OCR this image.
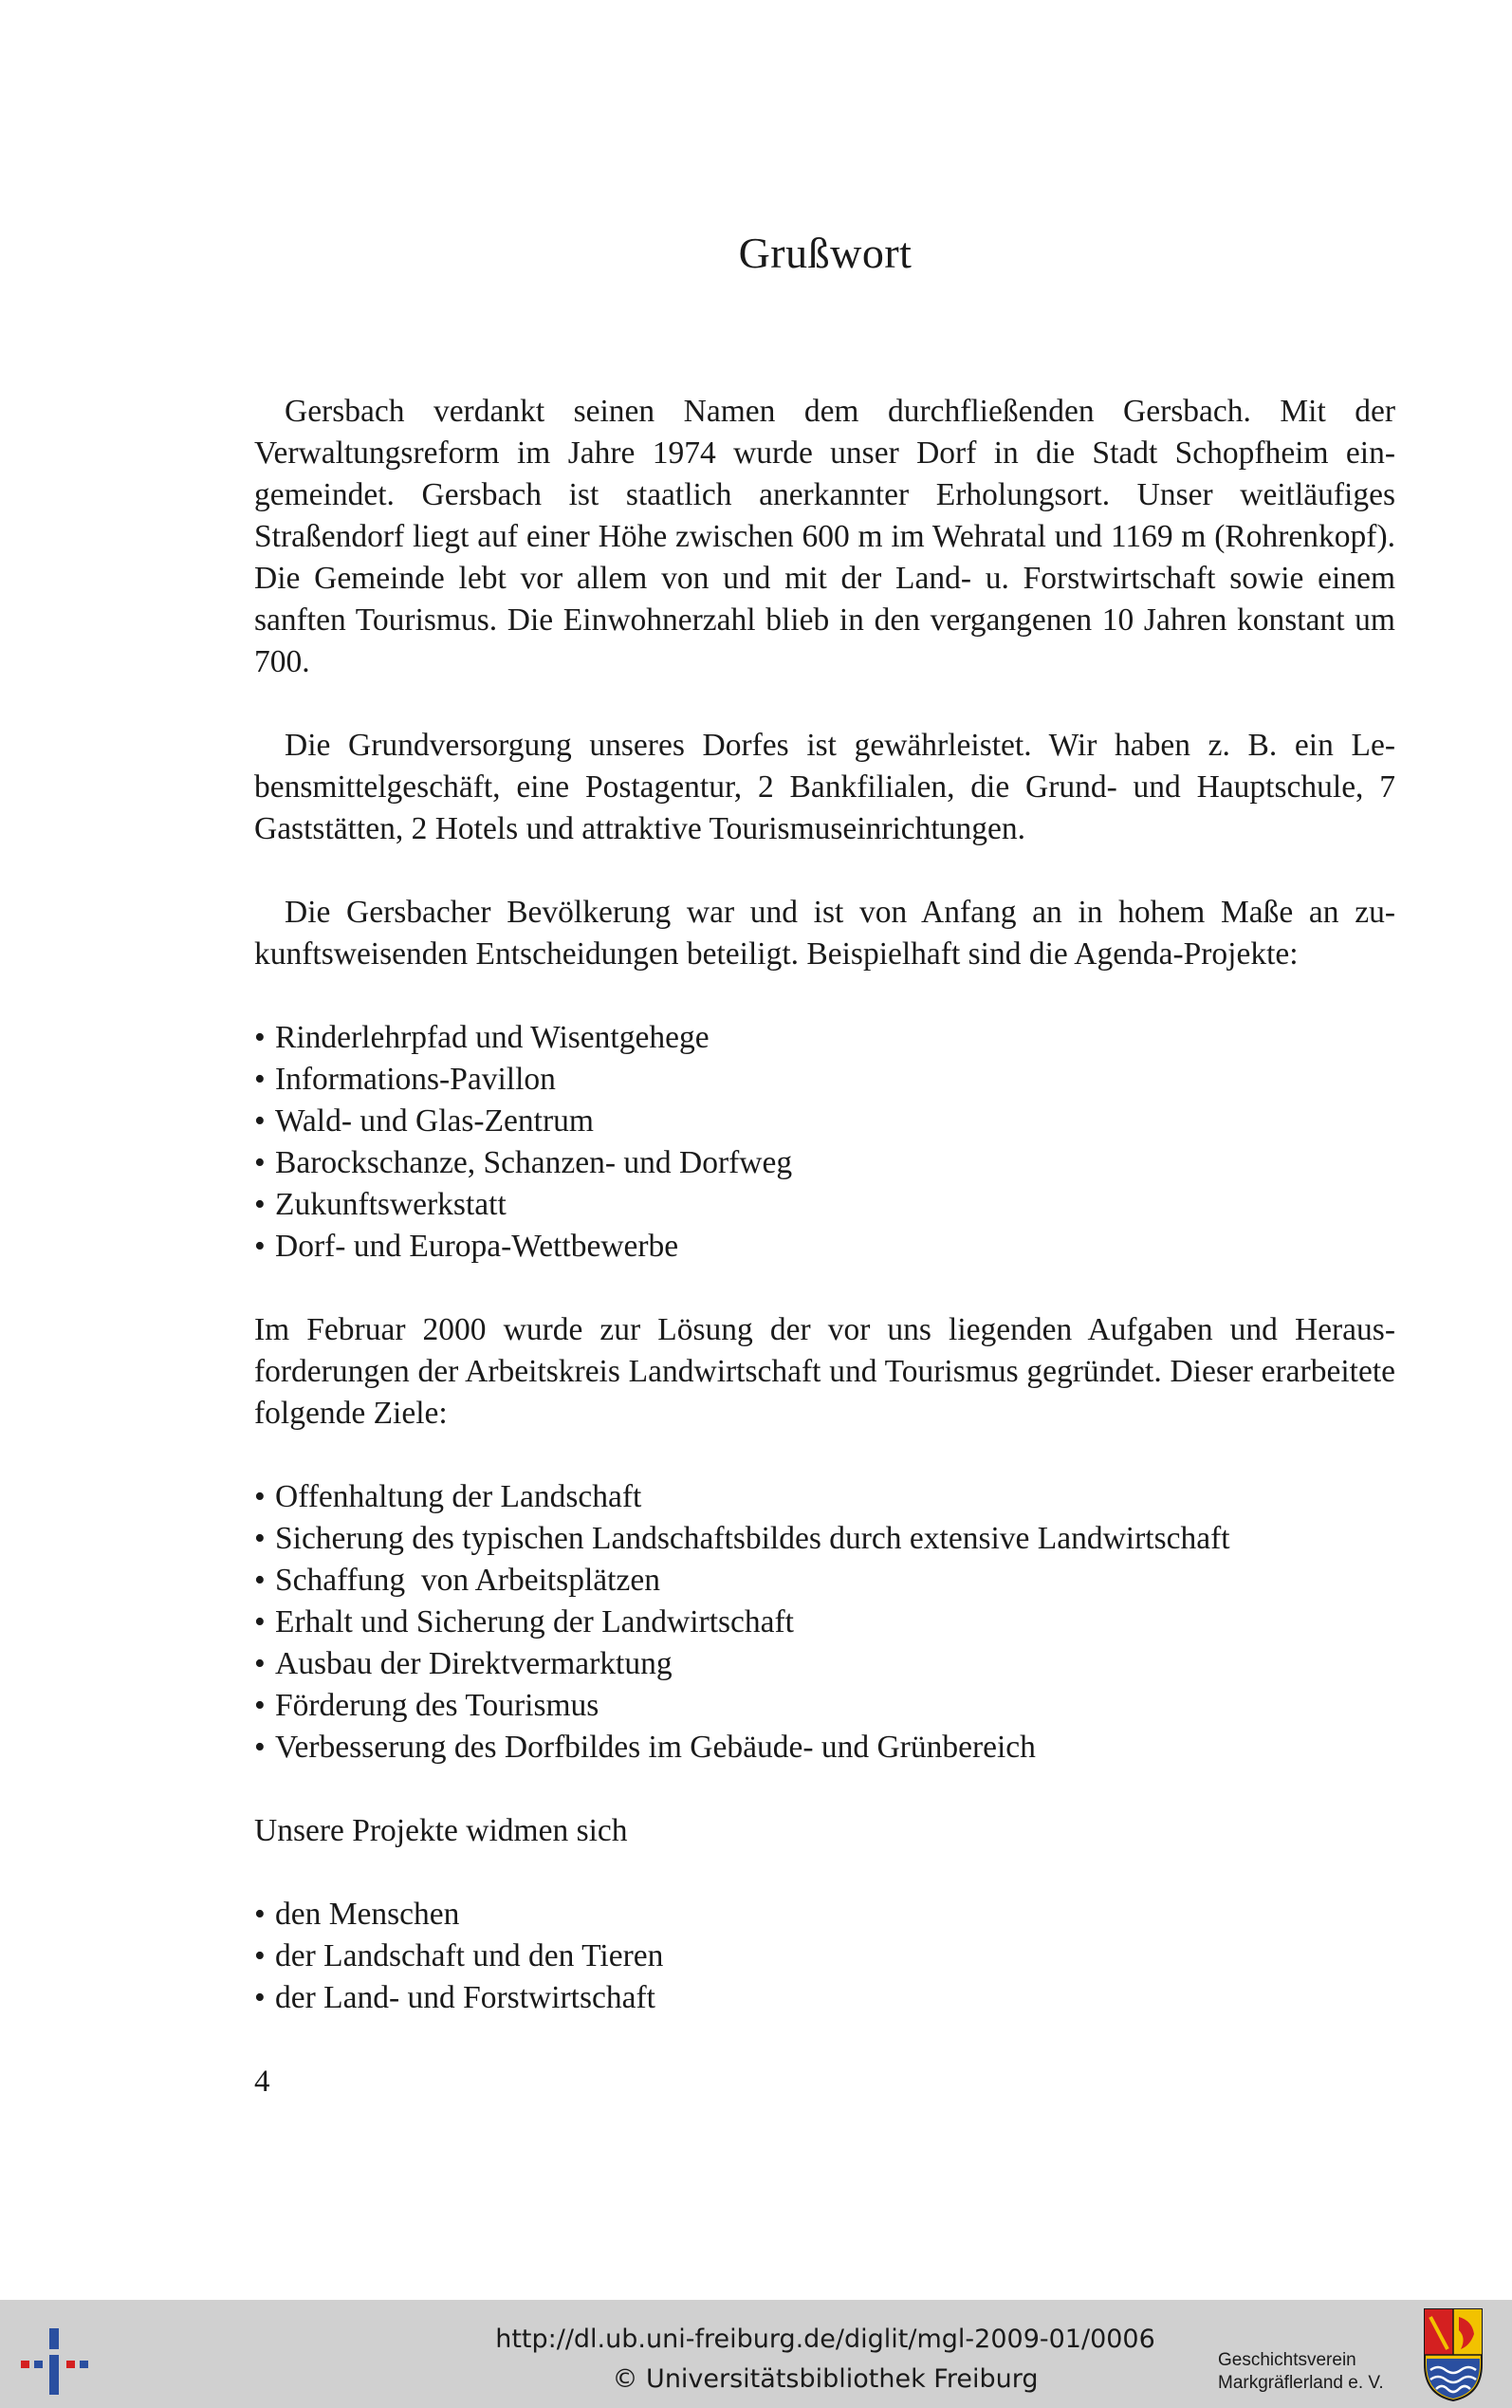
Grußwort

Gersbach verdankt seinen Namen dem durchfließenden Gersbach. Mit der Verwaltungsreform im Jahre 1974 wurde unser Dorf in die Stadt Schopfheim eingemeindet. Gersbach ist staatlich anerkannter Erholungsort. Unser weitläufiges Straßendorf liegt auf einer Höhe zwischen 600 m im Wehratal und 1169 m (Rohrenkopf). Die Gemeinde lebt vor allem von und mit der Land- u. Forstwirtschaft sowie einem sanften Tourismus. Die Einwohnerzahl blieb in den vergangenen 10 Jahren konstant um 700.

Die Grundversorgung unseres Dorfes ist gewährleistet. Wir haben z. B. ein Lebensmittelgeschäft, eine Postagentur, 2 Bankfilialen, die Grund- und Hauptschule, 7 Gaststätten, 2 Hotels und attraktive Tourismuseinrichtungen.

Die Gersbacher Bevölkerung war und ist von Anfang an in hohem Maße an zukunftsweisenden Entscheidungen beteiligt. Beispielhaft sind die Agenda-Projekte:

• Rinderlehrpfad und Wisentgehege
• Informations-Pavillon
• Wald- und Glas-Zentrum
• Barockschanze, Schanzen- und Dorfweg
• Zukunftswerkstatt
• Dorf- und Europa-Wettbewerbe

Im Februar 2000 wurde zur Lösung der vor uns liegenden Aufgaben und Herausforderungen der Arbeitskreis Landwirtschaft und Tourismus gegründet. Dieser erarbeitete folgende Ziele:

• Offenhaltung der Landschaft
• Sicherung des typischen Landschaftsbildes durch extensive Landwirtschaft
• Schaffung  von Arbeitsplätzen
• Erhalt und Sicherung der Landwirtschaft
• Ausbau der Direktvermarktung
• Förderung des Tourismus
• Verbesserung des Dorfbildes im Gebäude- und Grünbereich

Unsere Projekte widmen sich

• den Menschen
• der Landschaft und den Tieren
• der Land- und Forstwirtschaft
4
http://dl.ub.uni-freiburg.de/diglit/mgl-2009-01/0006
© Universitätsbibliothek Freiburg
Geschichtsverein
Markgräflerland e. V.
